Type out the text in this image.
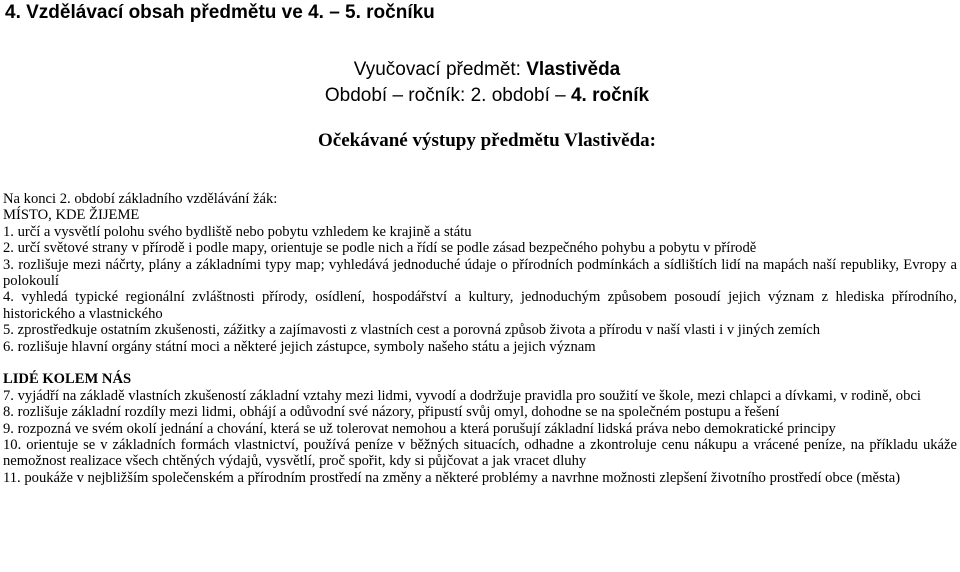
4. Vzdělávací obsah předmětu ve 4. – 5. ročníku
Vyučovací předmět: Vlastivěda
Období – ročník: 2. období – 4. ročník
Očekávané výstupy předmětu Vlastivěda:

Na konci 2. období základního vzdělávání žák:

MÍSTO, KDE ŽIJEME

1. určí a vysvětlí polohu svého bydliště nebo pobytu vzhledem ke krajině a státu

2. určí světové strany v přírodě i podle mapy, orientuje se podle nich a řídí se podle zásad bezpečného pohybu a pobytu v přírodě

3. rozlišuje mezi náčrty, plány a základními typy map; vyhledává jednoduché údaje o přírodních podmínkách a sídlištích lidí na mapách naší republiky, Evropy a polokoulí

4. vyhledá typické regionální zvláštnosti přírody, osídlení, hospodářství a kultury, jednoduchým způsobem posoudí jejich význam z hlediska přírodního, historického a vlastnického

5. zprostředkuje ostatním zkušenosti, zážitky a zajímavosti z vlastních cest a porovná způsob života a přírodu v naší vlasti i v jiných zemích

6. rozlišuje hlavní orgány státní moci a některé jejich zástupce, symboly našeho státu a jejich význam

LIDÉ KOLEM NÁS

7. vyjádří na základě vlastních zkušeností základní vztahy mezi lidmi, vyvodí a dodržuje pravidla pro soužití ve škole, mezi chlapci a dívkami, v rodině, obci

8. rozlišuje základní rozdíly mezi lidmi, obhájí a odůvodní své názory, připustí svůj omyl, dohodne se na společném postupu a řešení

9. rozpozná ve svém okolí jednání a chování, která se už tolerovat nemohou a která porušují základní lidská práva nebo demokratické principy

10. orientuje se v základních formách vlastnictví, používá peníze v běžných situacích, odhadne a zkontroluje cenu nákupu a vrácené peníze, na příkladu ukáže nemožnost realizace všech chtěných výdajů, vysvětlí, proč spořit, kdy si půjčovat a jak vracet dluhy

11. poukáže v nejbližším společenském a přírodním prostředí na změny a některé problémy a navrhne možnosti zlepšení životního prostředí obce (města)
